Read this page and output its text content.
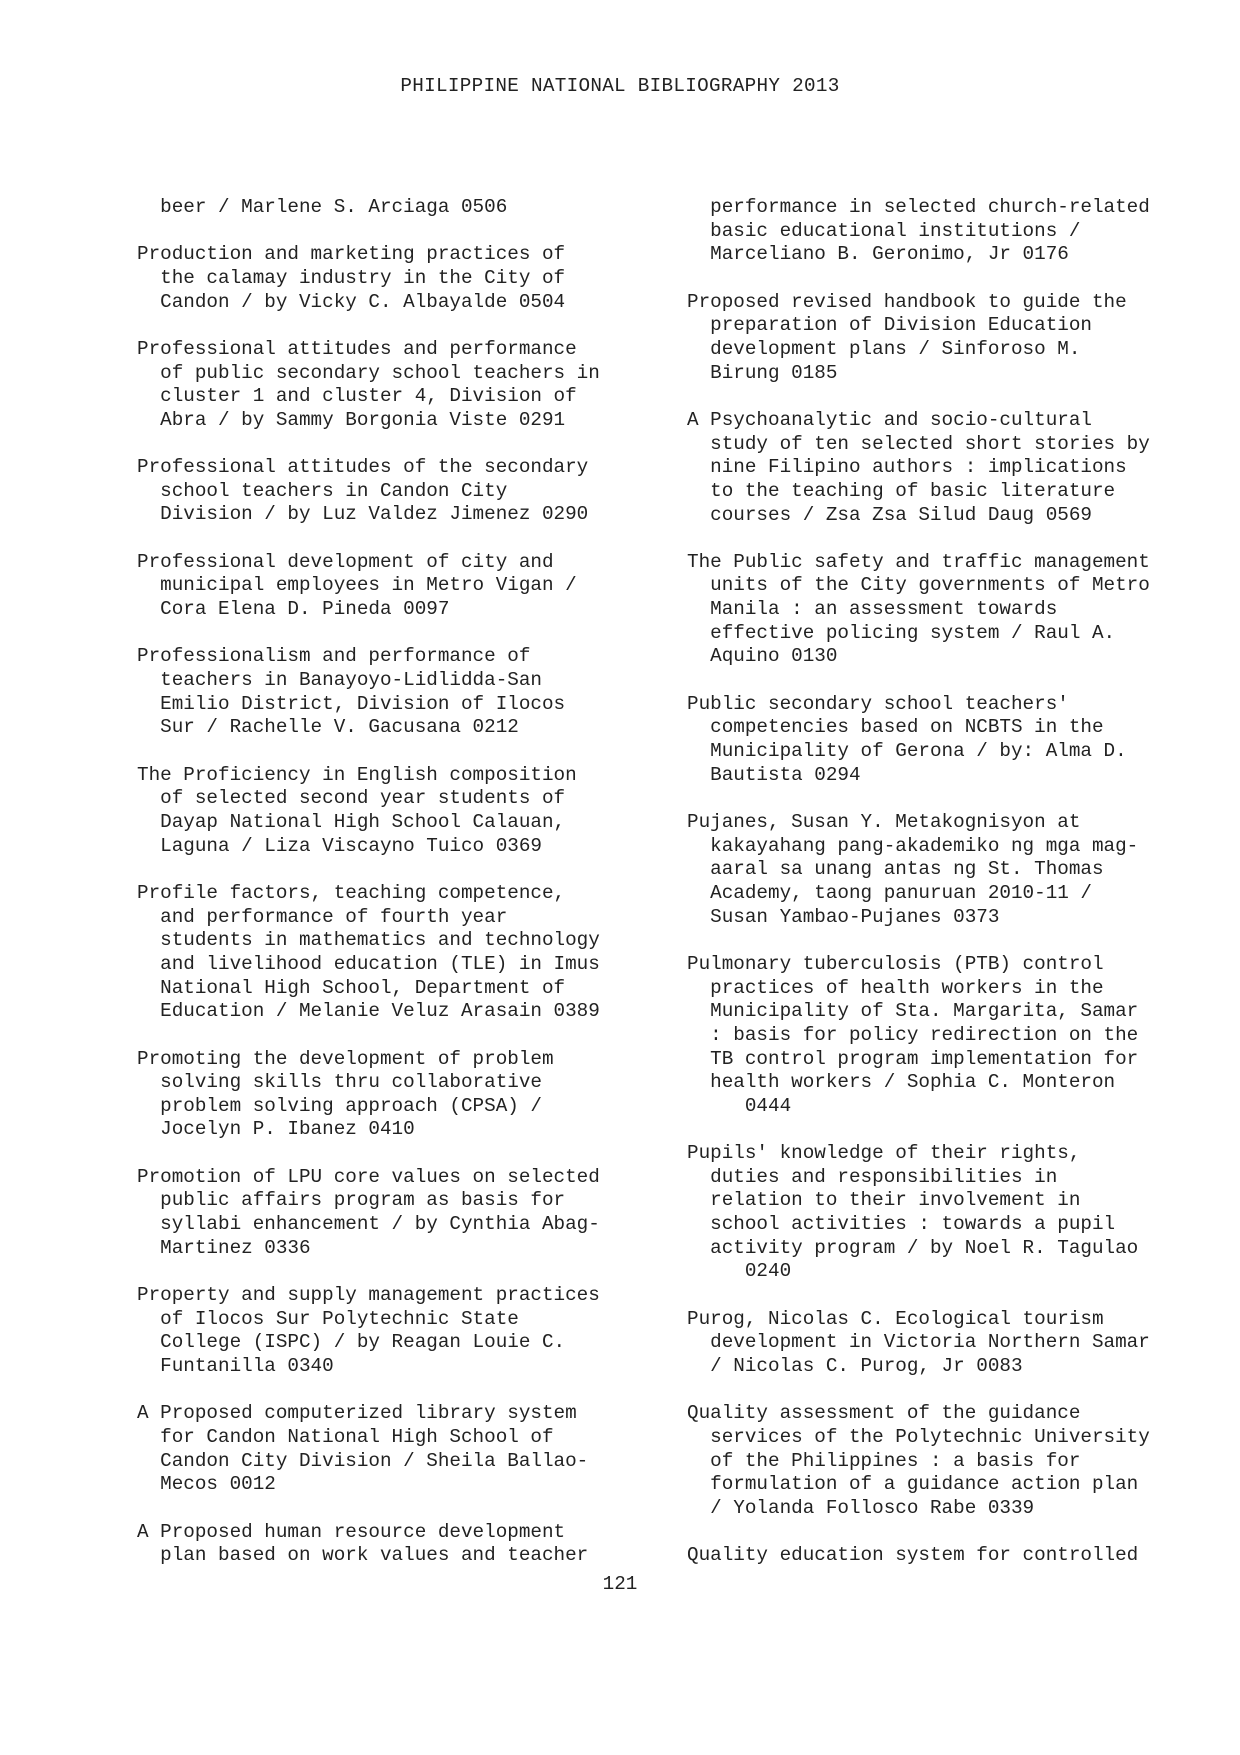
PHILIPPINE NATIONAL BIBLIOGRAPHY 2013

beer / Marlene S. Arciaga 0506
Production and marketing practices of
the calamay industry in the City of
Candon / by Vicky C. Albayalde 0504
Professional attitudes and performance
of public secondary school teachers in
cluster 1 and cluster 4, Division of
Abra / by Sammy Borgonia Viste 0291
Professional attitudes of the secondary
school teachers in Candon City
Division / by Luz Valdez Jimenez 0290
Professional development of city and
municipal employees in Metro Vigan /
Cora Elena D. Pineda 0097
Professionalism and performance of
teachers in Banayoyo-Lidlidda-San
Emilio District, Division of Ilocos
Sur / Rachelle V. Gacusana 0212
The Proficiency in English composition
of selected second year students of
Dayap National High School Calauan,
Laguna / Liza Viscayno Tuico 0369
Profile factors, teaching competence,
and performance of fourth year
students in mathematics and technology
and livelihood education (TLE) in Imus
National High School, Department of
Education / Melanie Veluz Arasain 0389
Promoting the development of problem
solving skills thru collaborative
problem solving approach (CPSA) /
Jocelyn P. Ibanez 0410
Promotion of LPU core values on selected
public affairs program as basis for
syllabi enhancement / by Cynthia Abag-
Martinez 0336
Property and supply management practices
of Ilocos Sur Polytechnic State
College (ISPC) / by Reagan Louie C.
Funtanilla 0340
A Proposed computerized library system
for Candon National High School of
Candon City Division / Sheila Ballao-
Mecos 0012
A Proposed human resource development
plan based on work values and teacher
performance in selected church-related
basic educational institutions /
Marceliano B. Geronimo, Jr 0176
Proposed revised handbook to guide the
preparation of Division Education
development plans / Sinforoso M.
Birung 0185
A Psychoanalytic and socio-cultural
study of ten selected short stories by
nine Filipino authors : implications
to the teaching of basic literature
courses / Zsa Zsa Silud Daug 0569
The Public safety and traffic management
units of the City governments of Metro
Manila : an assessment towards
effective policing system / Raul A.
Aquino 0130
Public secondary school teachers'
competencies based on NCBTS in the
Municipality of Gerona / by: Alma D.
Bautista 0294
Pujanes, Susan Y. Metakognisyon at
kakayahang pang-akademiko ng mga mag-
aaral sa unang antas ng St. Thomas
Academy, taong panuruan 2010-11 /
Susan Yambao-Pujanes 0373
Pulmonary tuberculosis (PTB) control
practices of health workers in the
Municipality of Sta. Margarita, Samar
: basis for policy redirection on the
TB control program implementation for
health workers / Sophia C. Monteron
0444
Pupils' knowledge of their rights,
duties and responsibilities in
relation to their involvement in
school activities : towards a pupil
activity program / by Noel R. Tagulao
0240
Purog, Nicolas C. Ecological tourism
development in Victoria Northern Samar
/ Nicolas C. Purog, Jr 0083
Quality assessment of the guidance
services of the Polytechnic University
of the Philippines : a basis for
formulation of a guidance action plan
/ Yolanda Follosco Rabe 0339
Quality education system for controlled

121
